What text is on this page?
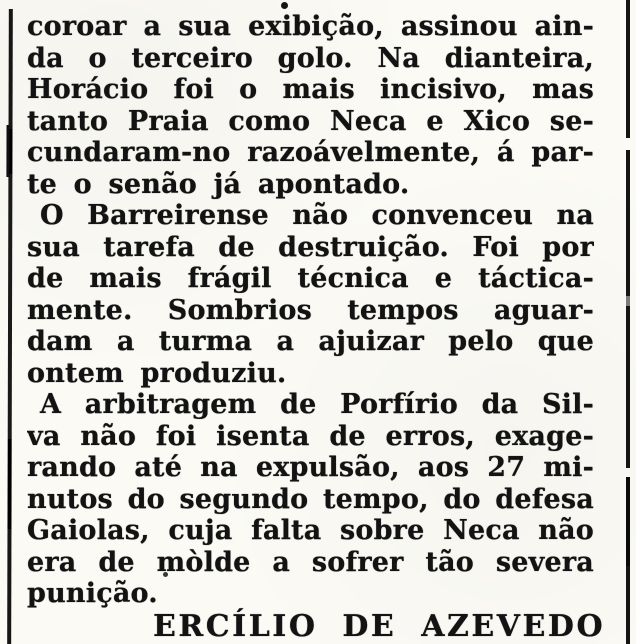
coroar a sua exibição, assinou ain-
da o terceiro golo. Na dianteira,
Horácio foi o mais incisivo, mas
tanto Praia como Neca e Xico se-
cundaram-no razoávelmente, á par-
te o senão já apontado.
O Barreirense não convenceu na
sua tarefa de destruição. Foi por
de mais frágil técnica e táctica-
mente. Sombrios tempos aguar-
dam a turma a ajuizar pelo que
ontem produziu.
A arbitragem de Porfírio da Sil-
va não foi isenta de erros, exage-
rando até na expulsão, aos 27 mi-
nutos do segundo tempo, do defesa
Gaiolas, cuja falta sobre Neca não
era de mòlde a sofrer tão severa
punição.
ERCÍLIO DE AZEVEDO
